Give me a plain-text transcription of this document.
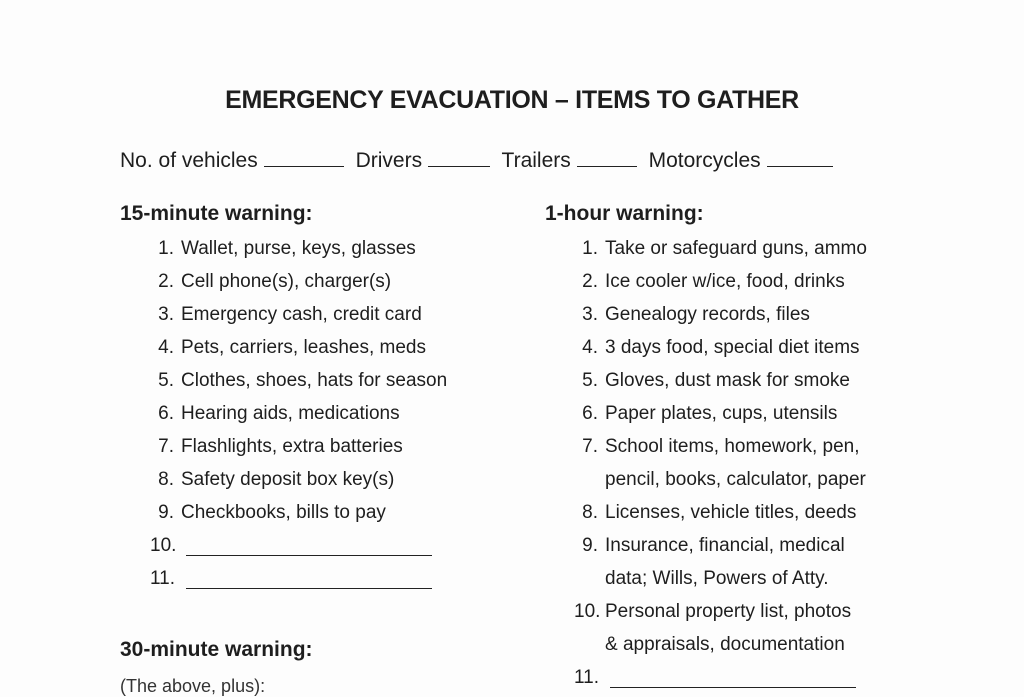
EMERGENCY EVACUATION – ITEMS TO GATHER
No. of vehicles	Drivers	Trailers	Motorcycles
15-minute warning:
1. Wallet, purse, keys, glasses
2. Cell phone(s), charger(s)
3. Emergency cash, credit card
4. Pets, carriers, leashes, meds
5. Clothes, shoes, hats for season
6. Hearing aids, medications
7. Flashlights, extra batteries
8. Safety deposit box key(s)
9. Checkbooks, bills to pay
10.
11.
30-minute warning:
(The above, plus):
1-hour warning:
1. Take or safeguard guns, ammo
2. Ice cooler w/ice, food, drinks
3. Genealogy records, files
4. 3 days food, special diet items
5. Gloves, dust mask for smoke
6. Paper plates, cups, utensils
7. School items, homework, pen,
pencil, books, calculator, paper
8. Licenses, vehicle titles, deeds
9. Insurance, financial, medical
data; Wills, Powers of Atty.
10. Personal property list, photos
& appraisals, documentation
11.
